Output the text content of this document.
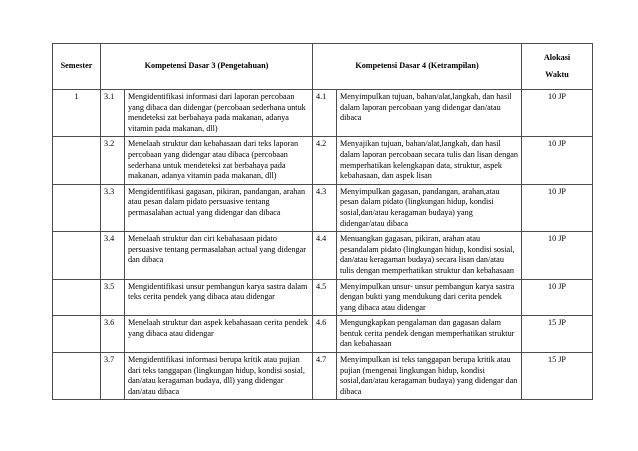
Semester	Kompetensi Dasar 3 (Pengetahuan)		Kompetensi Dasar 4 (Ketrampilan)		Alokasi
Waktu

1	3.1	Mengidentifikasi informasi dari laporan percobaan yang dibaca dan didengar (percobaan sederhana untuk mendeteksi zat berbahaya pada makanan, adanya vitamin pada makanan, dll)	4.1	Menyimpulkan tujuan, bahan/alat,langkah, dan hasil dalam laporan percobaan yang didengar dan/atau dibaca	10 JP
	3.2	Menelaah struktur dan kebahasaan dari teks laporan percobaan yang didengar atau dibaca (percobaan sederhana untuk mendeteksi zat berbahaya pada makanan, adanya vitamin pada makanan, dll)	4.2	Menyajikan tujuan, bahan/alat,langkah, dan hasil dalam laporan percobaan secara tulis dan lisan dengan memperhatikan kelengkapan data, struktur, aspek kebahasaan, dan aspek lisan	10 JP
	3.3	Mengidentifikasi gagasan, pikiran, pandangan, arahan atau pesan dalam pidato persuasive tentang permasalahan actual yang didengar dan dibaca	4.3	Menyimpulkan gagasan, pandangan, arahan,atau pesan dalam pidato (lingkungan hidup, kondisi sosial,dan/atau keragaman budaya) yang didengar/atau dibaca	10 JP
	3.4	Menelaah struktur dan ciri kebahasaan pidato persuasive tentang permasalahan actual yang didengar dan dibaca	4.4	Menuangkan gagasan, pikiran, arahan atau pesandalam pidato (lingkungan hidup, kondisi sosial, dan/atau keragaman budaya) secara lisan dan/atau tulis dengan memperhatikan struktur dan kebahasaan	10 JP
	3.5	Mengidentifikasi unsur pembangun karya sastra dalam teks cerita pendek yang dibaca atau didengar	4.5	Menyimpulkan unsur- unsur pembangun karya sastra dengan bukti yang mendukung dari cerita pendek yang dibaca atau didengar	10 JP
	3.6	Menelaah struktur dan aspek kebahasaan cerita pendek yang dibaca atau didengar	4.6	Mengungkapkan pengalaman dan gagasan dalam bentuk cerita pendek dengan memperhatikan struktur dan kebahasaan	15 JP
	3.7	Mengidentifikasi informasi berupa kritik atau pujian dari teks tanggapan (lingkungan hidup, kondisi sosial, dan/atau keragaman budaya, dll) yang didengar dan/atau dibaca	4.7	Menyimpulkan isi teks tanggapan berupa kritik atau pujian (mengenai lingkungan hidup, kondisi sosial,dan/atau keragaman budaya) yang didengar dan dibaca	15 JP
